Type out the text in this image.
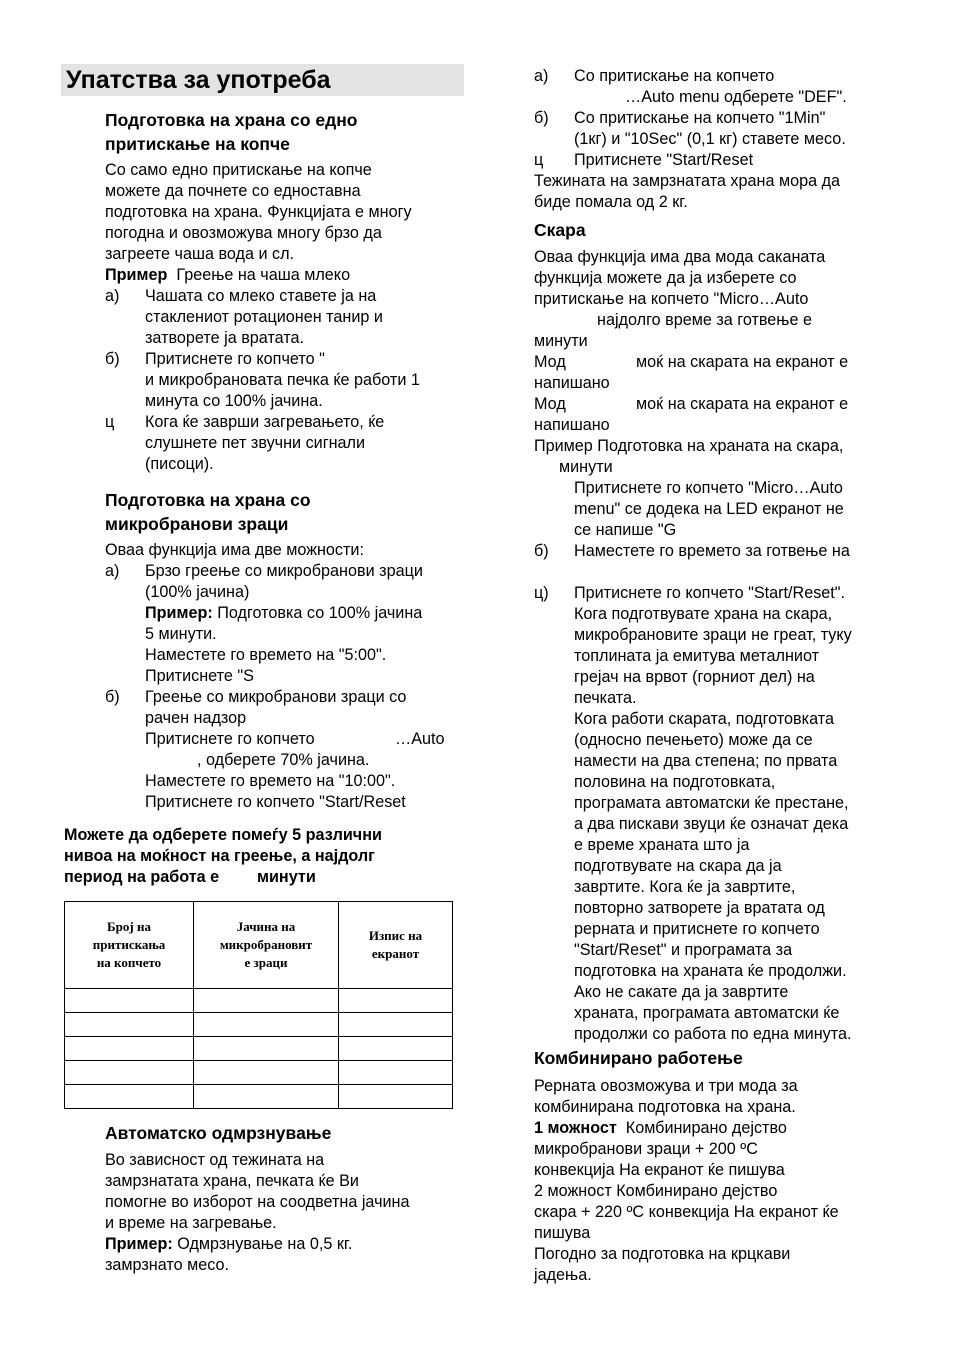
Упатства за употреба
Подготовка на храна со едно
притискање на копче
Со само едно притискање на копче
можете да почнете со едноставна
подготовка на храна. Функцијата е многу
погодна и овозможува многу брзо да
загреете чаша вода и сл.
Пример Греење на чаша млеко
a) Чашата со млеко ставете ја на
стаклениот ротационен танир и
затворете ја вратата.
б) Притиснете го копчето "
и микробрановата печка ќе работи 1
минута со 100% јачина.
ц Кога ќе заврши загревањето, ќе
слушнете пет звучни сигнали
(писоци).
Подготовка на храна со
микробранови зраци
Оваа функција има две можности:
а) Брзо греење со микробранови зраци
(100% јачина)
Пример: Подготовка со 100% јачина
5 минути.
Наместете го времето на "5:00".
Притиснете "S
б) Греење со микробранови зраци со
рачен надзор
Притиснете го копчето	…Auto
, одберете 70% јачина.
Наместете го времето на "10:00".
Притиснете го копчето "Start/Reset
Можете да одберете помеѓу 5 различни
нивоа на моќност на греење, а најдолг
период на работа е минути
Број на
притискања
на копчето	Јачина на
микробрановит
е зраци	Изпис на
екранот

Автоматско одмрзнување
Во зависност од тежината на
замрзнатата храна, печката ќе Ви
помогне во изборот на соодветна јачина
и време на загревање.
Пример: Одмрзнување на 0,5 кг.
замрзнато месо.
а) Со притискање на копчето
…Auto menu одберете "DEF".
б) Со притискање на копчето "1Min"
(1кг) и "10Sec" (0,1 кг) ставете месо.
ц Притиснете "Start/Reset
Тежината на замрзнатата храна мора да
биде помала од 2 кг.
Скара
Оваа функција има два мода саканата
функција можете да ја изберете со
притискање на копчето "Micro…Auto
најдолго време за готвење е
минути
Мод	моќ на скарата на екранот е
напишано
Мод	моќ на скарата на екранот е
напишано
Пример Подготовка на храната на скара,
минути
Притиснете го копчето "Micro…Auto
menu" се додека на LED екранот не
се напише "G
б) Наместете го времето за готвење на
ц) Притиснете го копчето "Start/Reset".
Кога подготвувате храна на скара,
микробрановите зраци не греат, туку
топлината ја емитува металниот
грејач на врвот (горниот дел) на
печката.
Кога работи скарата, подготовката
(односно печењето) може да се
намести на два степена; по првата
половина на подготовката,
програмата автоматски ќе престане,
а два пискави звуци ќе означат дека
е време храната што ја
подготвувате на скара да ја
завртите. Кога ќе ја завртите,
повторно затворете ја вратата од
рерната и притиснете го копчето
"Start/Reset" и програмата за
подготовка на храната ќе продолжи.
Ако не сакате да ја завртите
храната, програмата автоматски ќе
продолжи со работа по една минута.
Комбинирано работење
Рерната овозможува и три мода за
комбинирана подготовка на храна.
1 можност Комбинирано дејство
микробранови зраци + 200 ºC
конвекција На екранот ќе пишува
2 можност Комбинирано дејство
скара + 220 ºC конвекција На екранот ќе
пишува
Погодно за подготовка на крцкави
јадења.
